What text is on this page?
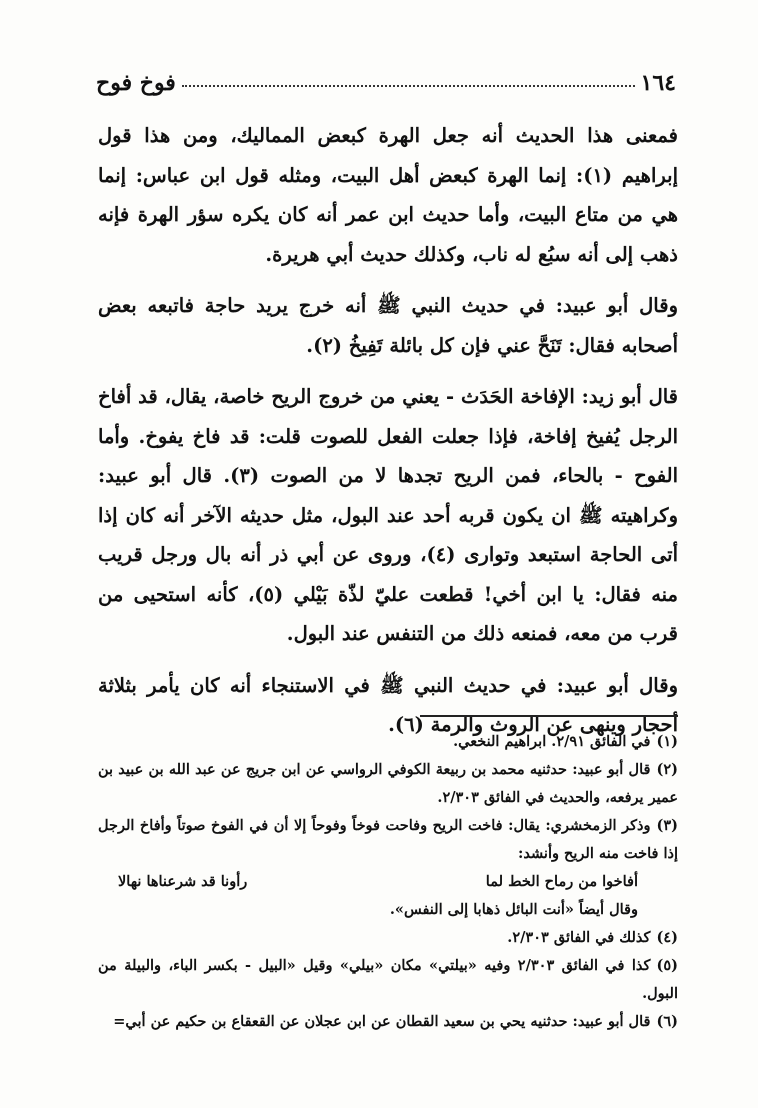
١٦٤
فوخ فوح

فمعنى هذا الحديث أنه جعل الهرة كبعض المماليك، ومن هذا قول إبراهيم (١): إنما الهرة كبعض أهل البيت، ومثله قول ابن عباس: إنما هي من متاع البيت، وأما حديث ابن عمر أنه كان يكره سؤر الهرة فإنه ذهب إلى أنه سبُع له ناب، وكذلك حديث أبي هريرة.

وقال أبو عبيد: في حديث النبي ﷺ أنه خرج يريد حاجة فاتبعه بعض أصحابه فقال: تَنَحَّ عني فإن كل بائلة تَفِيخُ (٢).

قال أبو زيد: الإفاخة الحَدَث - يعني من خروج الريح خاصة، يقال، قد أفاخ الرجل يُفيخ إفاخة، فإذا جعلت الفعل للصوت قلت: قد فاخ يفوخ. وأما الفوح - بالحاء، فمن الريح تجدها لا من الصوت (٣). قال أبو عبيد: وكراهيته ﷺ ان يكون قربه أحد عند البول، مثل حديثه الآخر أنه كان إذا أتى الحاجة استبعد وتوارى (٤)، وروى عن أبي ذر أنه بال ورجل قريب منه فقال: يا ابن أخي! قطعت عليّ لذّة بَيْلي (٥)، كأنه استحيى من قرب من معه، فمنعه ذلك من التنفس عند البول.

وقال أبو عبيد: في حديث النبي ﷺ في الاستنجاء أنه كان يأمر بثلاثة أحجار وينهى عن الروث والرمة (٦).

(١)في الفائق ٢/٩١. ابراهيم النخعي.

(٢)قال أبو عبيد: حدثنيه محمد بن ربيعة الكوفي الرواسي عن ابن جريج عن عبد الله بن عبيد بن عمير يرفعه، والحديث في الفائق ٢/٣٠٣.

(٣)وذكر الزمخشري: يقال: فاخت الريح وفاحت فوخاً وفوحاً إلا أن في الفوخ صوتاً وأفاخ الرجل إذا فاخت منه الريح وأنشد:

أفاخوا من رماح الخط لما
رأونا قد شرعناها نهالا

وقال أيضاً «أنت البائل ذهابا إلى النفس».

(٤)كذلك في الفائق ٢/٣٠٣.

(٥)كذا في الفائق ٢/٣٠٣ وفيه «بيلتي» مكان «بيلي» وقيل «البيل - بكسر الباء، والبيلة من البول.

(٦)قال أبو عبيد: حدثنيه يحي بن سعيد القطان عن ابن عجلان عن القعقاع بن حكيم عن أبي=
